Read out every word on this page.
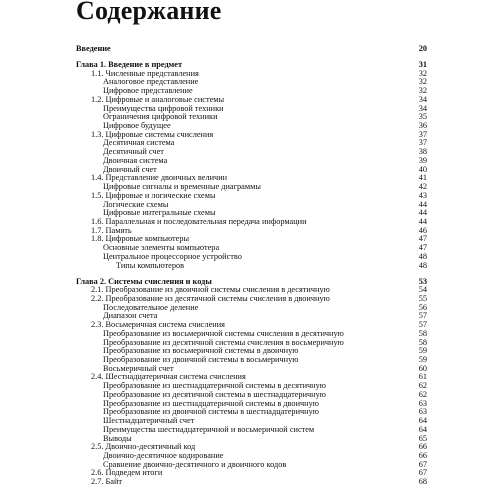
Содержание
Введение	20
Глава 1. Введение в предмет	31
1.1. Численные представления	32
Аналоговое представление	32
Цифровое представление	32
1.2. Цифровые и аналоговые системы	34
Преимущества цифровой техники	34
Ограничения цифровой техники	35
Цифровое будущее	36
1.3. Цифровые системы счисления	37
Десятичная система	37
Десятичный счет	38
Двоичная система	39
Двоичный счет	40
1.4. Представление двоичных величин	41
Цифровые сигналы и временные диаграммы	42
1.5. Цифровые и логические схемы	43
Логические схемы	44
Цифровые интегральные схемы	44
1.6. Параллельная и последовательная передача информации	44
1.7. Память	46
1.8. Цифровые компьютеры	47
Основные элементы компьютера	47
Центральное процессорное устройство	48
Типы компьютеров	48
Глава 2. Системы счисления и коды	53
2.1. Преобразование из двоичной системы счисления в десятичную	54
2.2. Преобразование из десятичной системы счисления в двоичную	55
Последовательное деление	56
Диапазон счета	57
2.3. Восьмеричная система счисления	57
Преобразование из восьмеричной системы счисления в десятичную	58
Преобразование из десятичной системы счисления в восьмеричную	58
Преобразование из восьмеричной системы в двоичную	59
Преобразование из двоичной системы в восьмеричную	59
Восьмеричный счет	60
2.4. Шестнадцатеричная система счисления	61
Преобразование из шестнадцатеричной системы в десятичную	62
Преобразование из десятичной системы в шестнадцатеричную	62
Преобразование из шестнадцатеричной системы в двоичную	63
Преобразование из двоичной системы в шестнадцатеричную	63
Шестнадцатеричный счет	64
Преимущества шестнадцатеричной и восьмеричной систем	64
Выводы	65
2.5. Двоично-десятичный код	66
Двоично-десятичное кодирование	66
Сравнение двоично-десятичного и двоичного кодов	67
2.6. Подведем итоги	67
2.7. Байт	68
